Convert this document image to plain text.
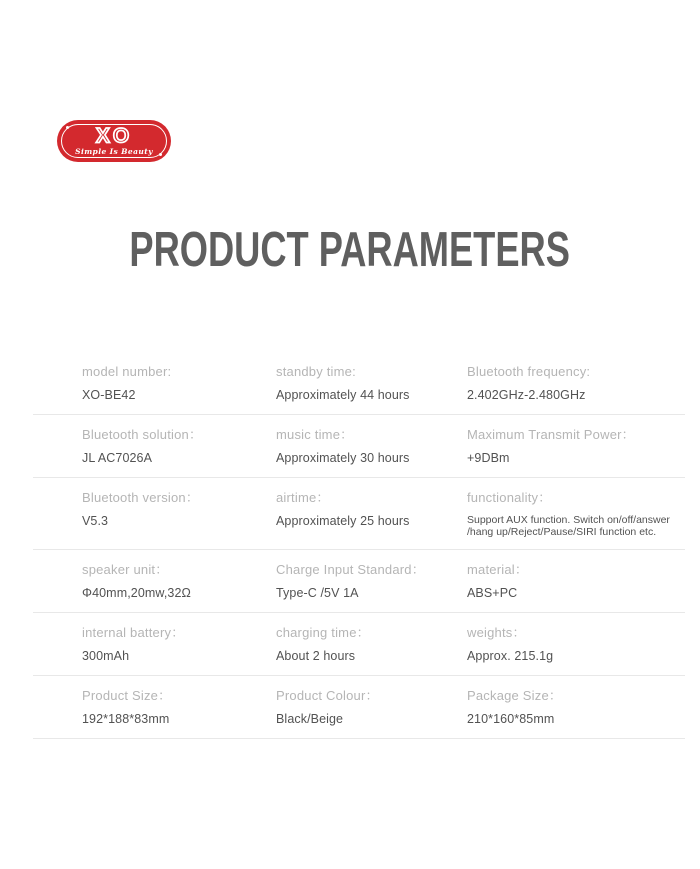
XO
Simple Is Beauty
PRODUCT PARAMETERS
model number:
XO-BE42
standby time:
Approximately 44 hours
Bluetooth frequency:
2.402GHz-2.480GHz
Bluetooth solution：
JL AC7026A
music time：
Approximately 30 hours
Maximum Transmit Power：
+9DBm
Bluetooth version：
V5.3
airtime：
Approximately 25 hours
functionality：
Support AUX function. Switch on/off/answer /hang up/Reject/Pause/SIRI function etc.
speaker unit：
Φ40mm,20mw,32Ω
Charge Input Standard：
Type-C /5V 1A
material：
ABS+PC
internal battery：
300mAh
charging time：
About 2 hours
weights：
Approx. 215.1g
Product Size：
192*188*83mm
Product Colour：
Black/Beige
Package Size：
210*160*85mm
